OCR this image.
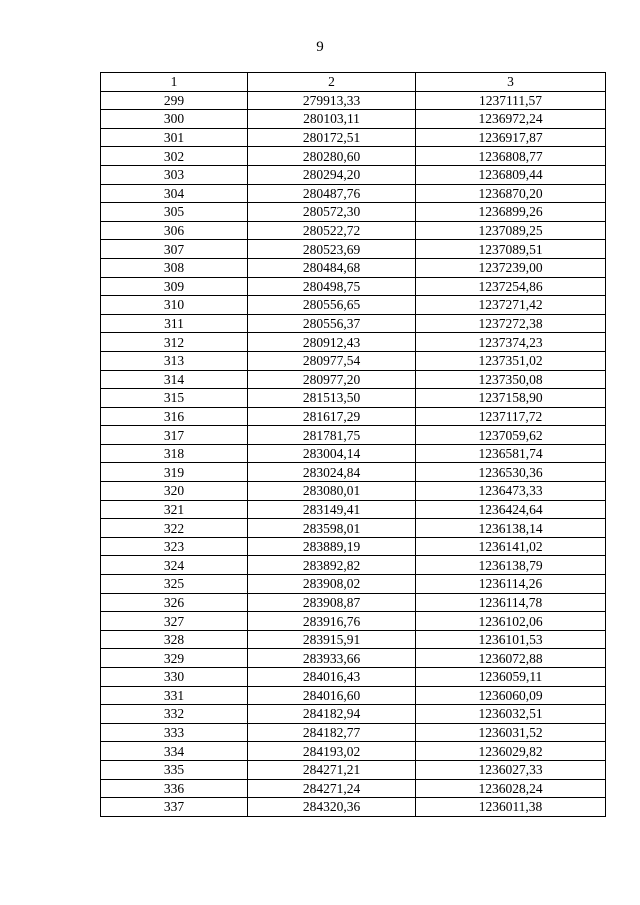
9
1	2	3
299	279913,33	1237111,57
300	280103,11	1236972,24
301	280172,51	1236917,87
302	280280,60	1236808,77
303	280294,20	1236809,44
304	280487,76	1236870,20
305	280572,30	1236899,26
306	280522,72	1237089,25
307	280523,69	1237089,51
308	280484,68	1237239,00
309	280498,75	1237254,86
310	280556,65	1237271,42
311	280556,37	1237272,38
312	280912,43	1237374,23
313	280977,54	1237351,02
314	280977,20	1237350,08
315	281513,50	1237158,90
316	281617,29	1237117,72
317	281781,75	1237059,62
318	283004,14	1236581,74
319	283024,84	1236530,36
320	283080,01	1236473,33
321	283149,41	1236424,64
322	283598,01	1236138,14
323	283889,19	1236141,02
324	283892,82	1236138,79
325	283908,02	1236114,26
326	283908,87	1236114,78
327	283916,76	1236102,06
328	283915,91	1236101,53
329	283933,66	1236072,88
330	284016,43	1236059,11
331	284016,60	1236060,09
332	284182,94	1236032,51
333	284182,77	1236031,52
334	284193,02	1236029,82
335	284271,21	1236027,33
336	284271,24	1236028,24
337	284320,36	1236011,38
